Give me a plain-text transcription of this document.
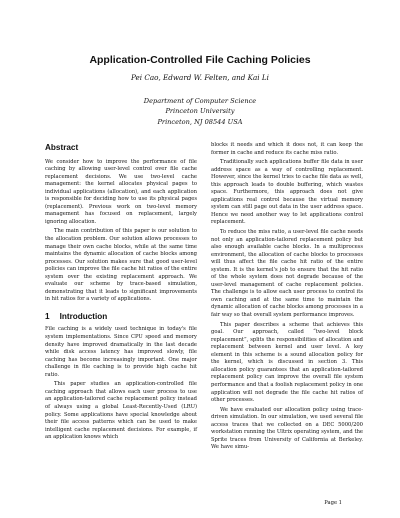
Application-Controlled File Caching Policies
Pei Cao, Edward W. Felten, and Kai Li
Department of Computer Science
Princeton University
Princeton, NJ 08544 USA
Abstract

We consider how to improve the performance of file caching by allowing user-level control over file cache replacement decisions. We use two-level cache management: the kernel allocates physical pages to individual applications (allocation), and each application is responsible for deciding how to use its physical pages (replacement). Previous work on two-level memory management has focused on replacement, largely ignoring allocation.

The main contribution of this paper is our solution to the allocation problem. Our solution allows processes to manage their own cache blocks, while at the same time maintains the dynamic allocation of cache blocks among processes. Our solution makes sure that good user-level policies can improve the file cache hit ratios of the entire system over the existing replacement approach. We evaluate our scheme by trace-based simulation, demonstrating that it leads to significant improvements in hit ratios for a variety of applications.

1 Introduction

File caching is a widely used technique in today's file system implementations. Since CPU speed and memory density have improved dramatically in the last decade while disk access latency has improved slowly, file caching has become increasingly important. One major challenge in file caching is to provide high cache hit ratio.

This paper studies an application-controlled file caching approach that allows each user process to use an application-tailored cache replacement policy instead of always using a global Least-Recently-Used (LRU) policy. Some applications have special knowledge about their file access patterns which can be used to make intelligent cache replacement decisions. For example, if an application knows which

blocks it needs and which it does not, it can keep the former in cache and reduce its cache miss ratio.

Traditionally such applications buffer file data in user address space as a way of controlling replacement. However, since the kernel tries to cache file data as well, this approach leads to double buffering, which wastes space. Furthermore, this approach does not give applications real control because the virtual memory system can still page out data in the user address space. Hence we need another way to let applications control replacement.

To reduce the miss ratio, a user-level file cache needs not only an application-tailored replacement policy but also enough available cache blocks. In a multiprocess environment, the allocation of cache blocks to processes will thus affect the file cache hit ratio of the entire system. It is the kernel's job to ensure that the hit ratio of the whole system does not degrade because of the user-level management of cache replacement policies. The challenge is to allow each user process to control its own caching and at the same time to maintain the dynamic allocation of cache blocks among processes in a fair way so that overall system performance improves.

This paper describes a scheme that achieves this goal. Our approach, called “two-level block replacement”, splits the responsibilities of allocation and replacement between kernel and user level. A key element in this scheme is a sound allocation policy for the kernel, which is discussed in section 3. This allocation policy guarantees that an application-tailored replacement policy can improve the overall file system performance and that a foolish replacement policy in one application will not degrade the file cache hit ratios of other processes.

We have evaluated our allocation policy using trace-driven simulation. In our simulation, we used several file access traces that we collected on a DEC 5000/200 workstation running the Ultrix operating system, and the Sprite traces from University of California at Berkeley. We have simu-

Page 1
